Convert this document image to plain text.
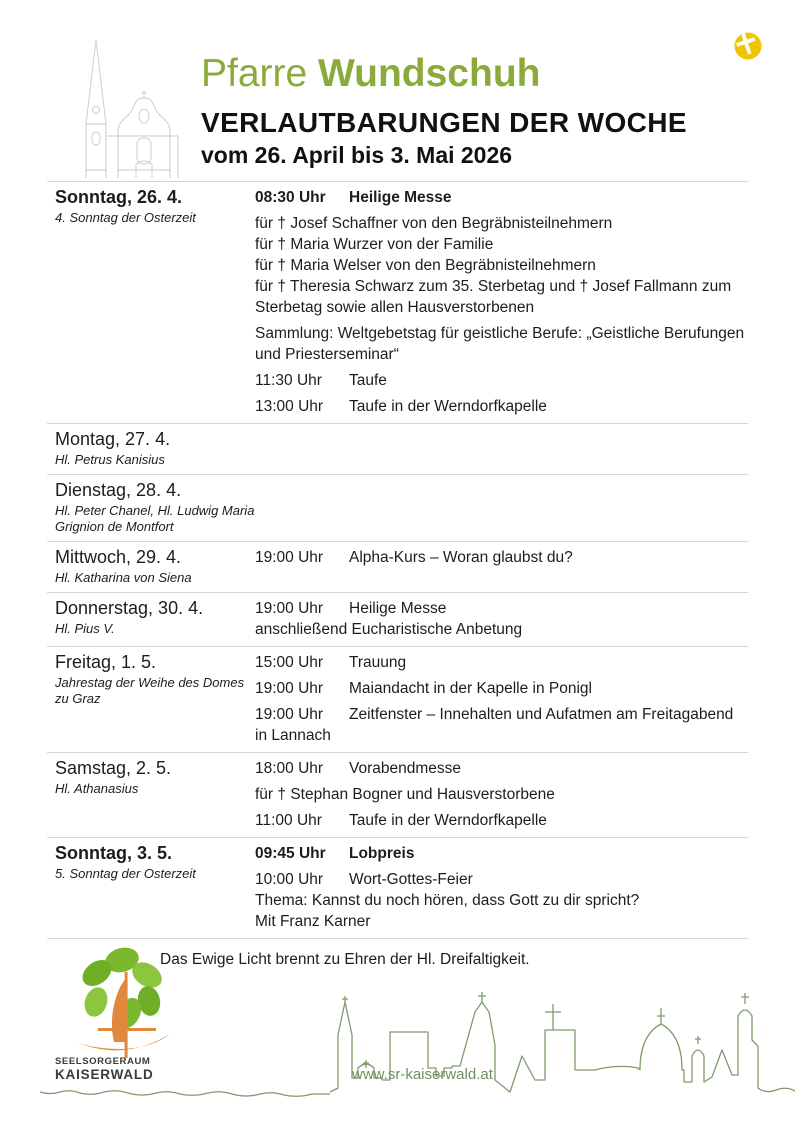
Pfarre Wundschuh
VERLAUTBARUNGEN DER WOCHE
vom 26. April bis 3. Mai 2026
Sonntag, 26. 4.
4. Sonntag der Osterzeit
08:30 Uhr Heilige Messe
für † Josef Schaffner von den Begräbnisteilnehmern
für † Maria Wurzer von der Familie
für † Maria Welser von den Begräbnisteilnehmern
für † Theresia Schwarz zum 35. Sterbetag und † Josef Fallmann zum Sterbetag sowie allen Hausverstorbenen
Sammlung: Weltgebetstag für geistliche Berufe: „Geistliche Berufungen und Priesterseminar“
11:30 Uhr Taufe
13:00 Uhr Taufe in der Werndorfkapelle
Montag, 27. 4.
Hl. Petrus Kanisius
Dienstag, 28. 4.
Hl. Peter Chanel, Hl. Ludwig Maria Grignion de Montfort
Mittwoch, 29. 4.
Hl. Katharina von Siena
19:00 Uhr Alpha-Kurs – Woran glaubst du?
Donnerstag, 30. 4.
Hl. Pius V.
19:00 Uhr Heilige Messe
anschließend Eucharistische Anbetung
Freitag, 1. 5.
Jahrestag der Weihe des Domes zu Graz
15:00 Uhr Trauung
19:00 Uhr Maiandacht in der Kapelle in Ponigl
19:00 Uhr Zeitfenster – Innehalten und Aufatmen am Freitagabend in Lannach
Samstag, 2. 5.
Hl. Athanasius
18:00 Uhr Vorabendmesse
für † Stephan Bogner und Hausverstorbene
11:00 Uhr Taufe in der Werndorfkapelle
Sonntag, 3. 5.
5. Sonntag der Osterzeit
09:45 Uhr Lobpreis
10:00 Uhr Wort-Gottes-Feier
Thema: Kannst du noch hören, dass Gott zu dir spricht?
Mit Franz Karner
Das Ewige Licht brennt zu Ehren der Hl. Dreifaltigkeit.
SEELSORGERAUM
KAISERWALD	www.sr-kaiserwald.at
